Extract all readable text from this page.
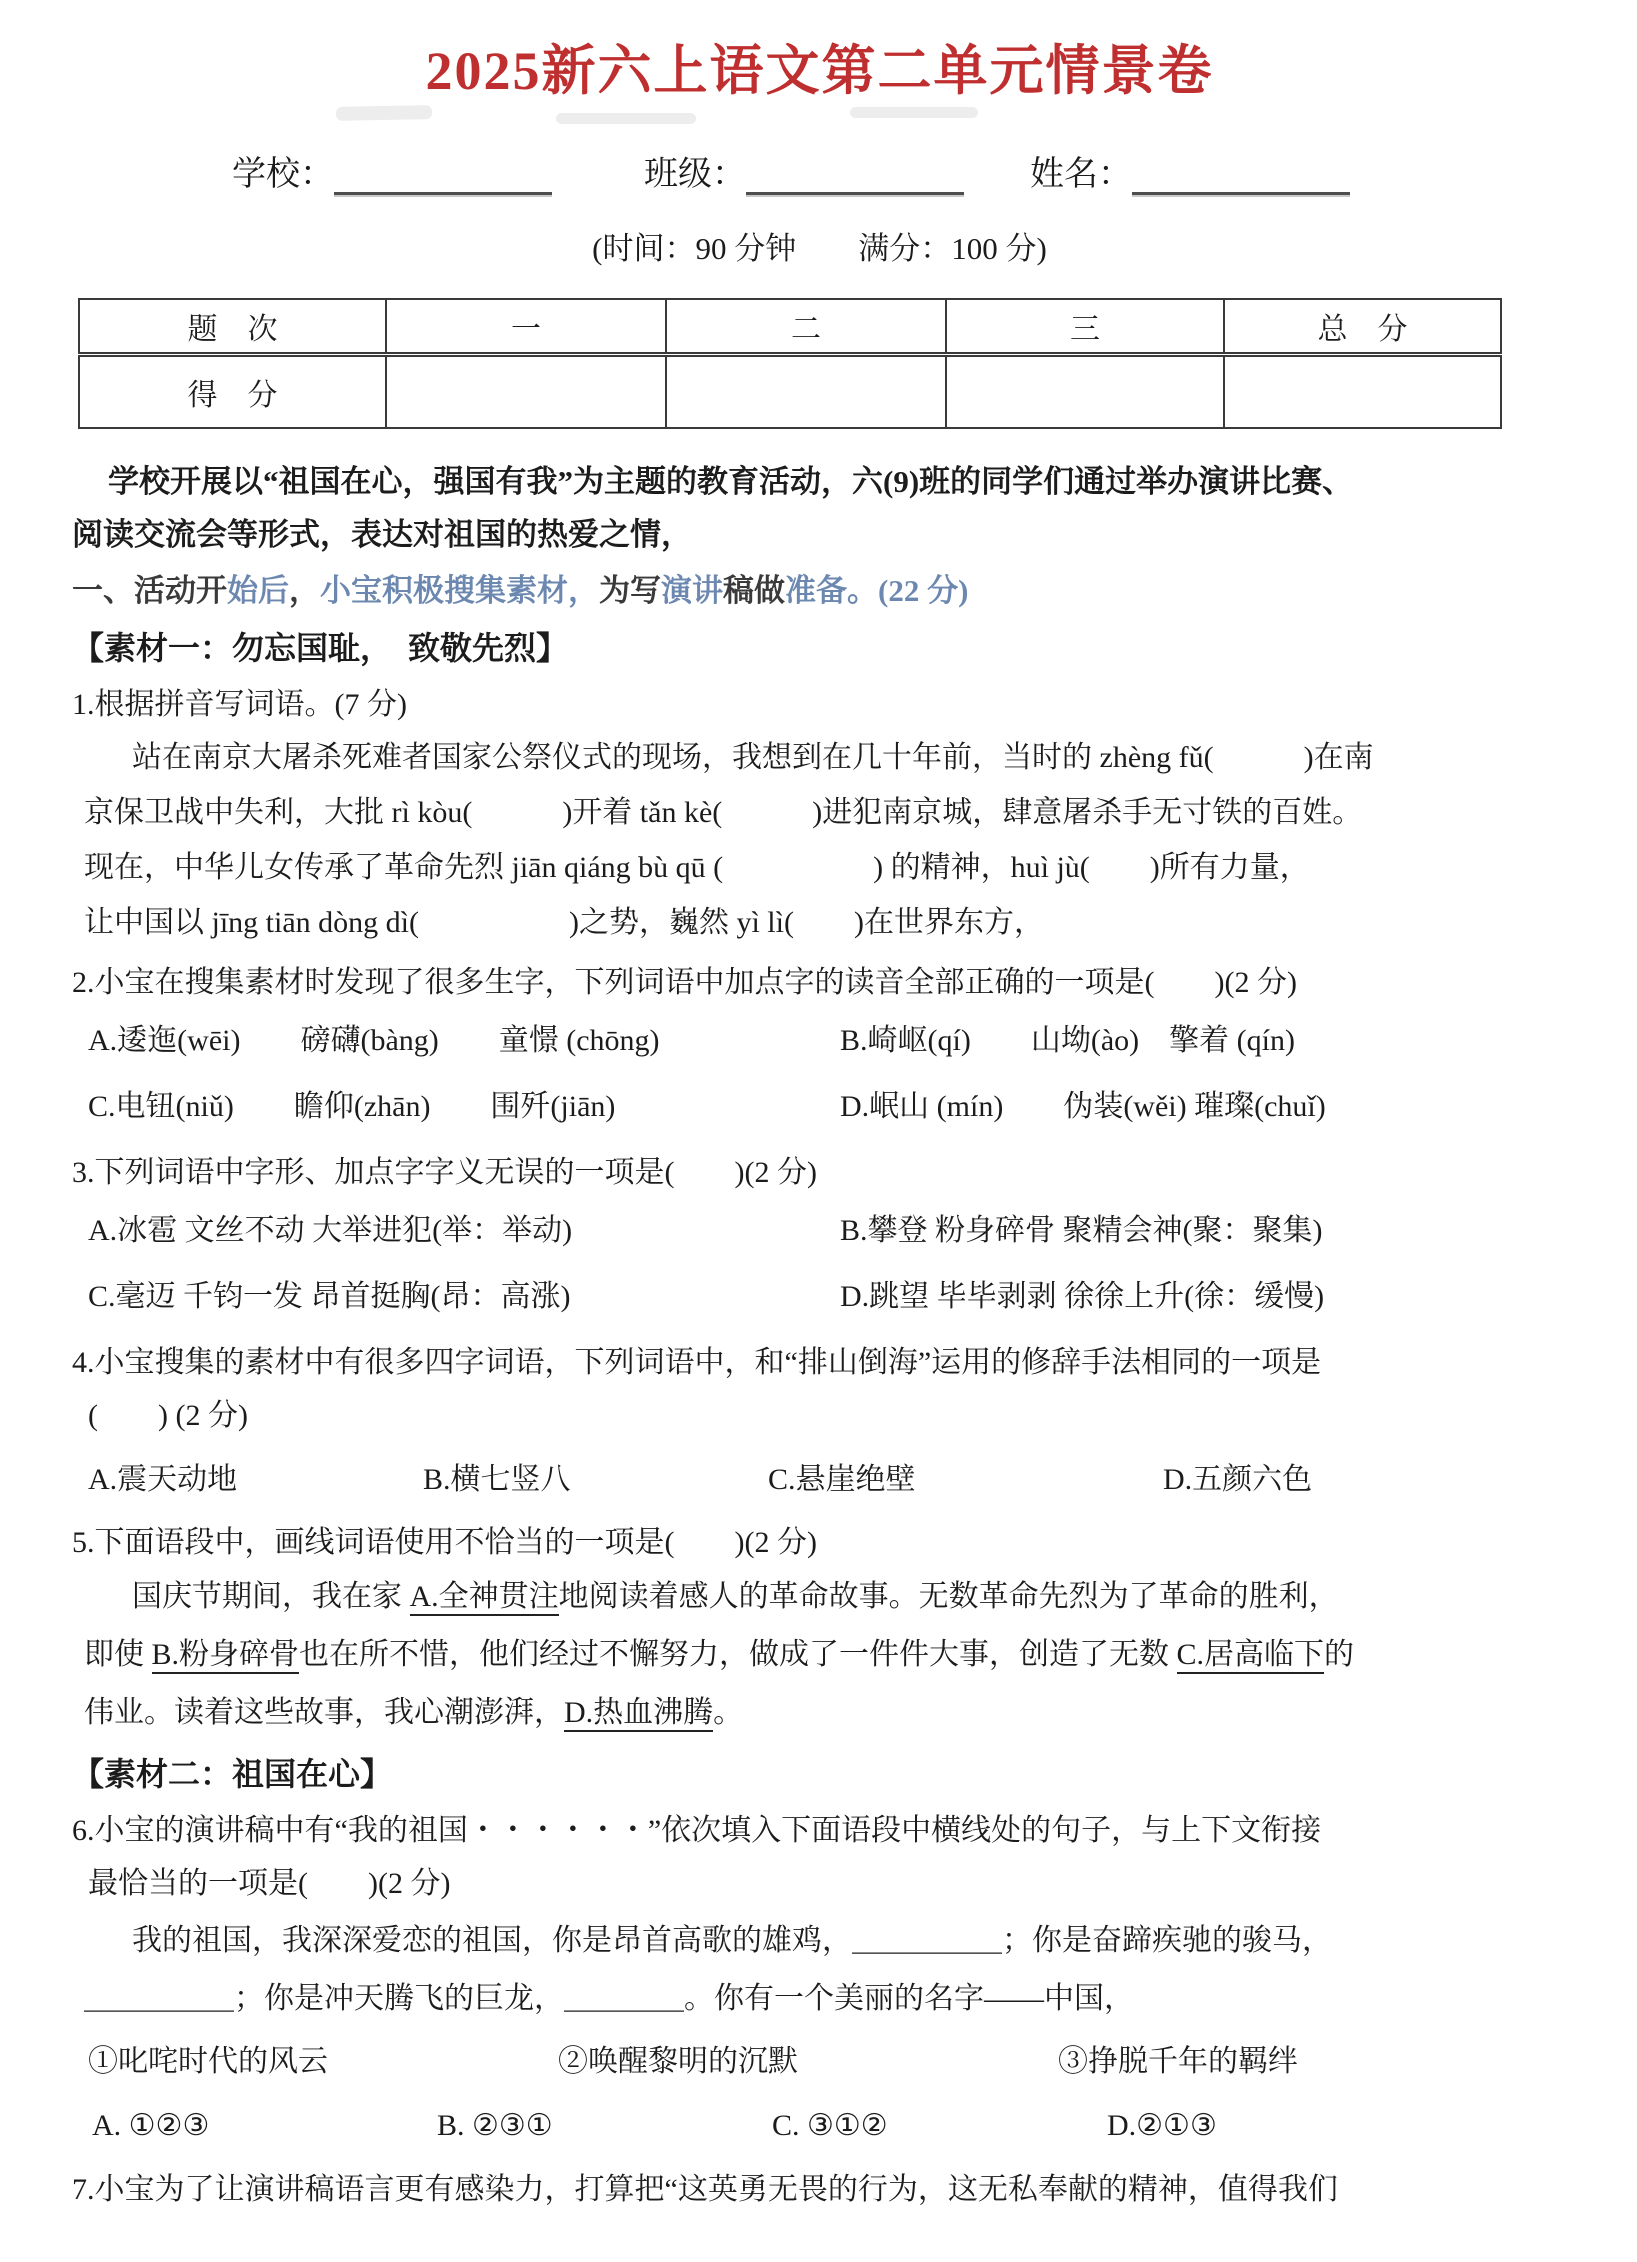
2025新六上语文第二单元情景卷
学校：	班级：	姓名：
(时间：90 分钟　　满分：100 分)
题　次	一	二	三	总　分
得　分				
学校开展以“祖国在心，强国有我”为主题的教育活动，六(9)班的同学们通过举办演讲比赛、
阅读交流会等形式，表达对祖国的热爱之情，
一、活动开始后，小宝积极搜集素材，为写演讲稿做准备。(22 分)
【素材一：勿忘国耻，　致敬先烈】
1.根据拼音写词语。(7 分)
站在南京大屠杀死难者国家公祭仪式的现场，我想到在几十年前，当时的 zhèng fǔ(　　　)在南
京保卫战中失利，大批 rì kòu(　　　)开着 tǎn kè(　　　)进犯南京城，肆意屠杀手无寸铁的百姓。
现在，中华儿女传承了革命先烈 jiān qiáng bù qū (　　　　　) 的精神，huì jù(　　)所有力量，
让中国以 jīng tiān dòng dì(　　　　　)之势，巍然 yì lì(　　)在世界东方，
2.小宝在搜集素材时发现了很多生字，下列词语中加点字的读音全部正确的一项是(　　)(2 分)
A.逶迤(wēi)　　磅礴(bàng)　　童憬 (chōng)	B.崎岖(qí)　　山坳(ào)　擎着 (qín)
C.电钮(niǔ)　　瞻仰(zhān)　　围歼(jiān)	D.岷山 (mín)　　伪装(wěi) 璀璨(chuǐ)
3.下列词语中字形、加点字字义无误的一项是(　　)(2 分)
A.冰雹 文丝不动 大举进犯(举：举动)	B.攀登 粉身碎骨 聚精会神(聚：聚集)
C.毫迈 千钧一发 昂首挺胸(昂：高涨)	D.跳望 毕毕剥剥 徐徐上升(徐：缓慢)
4.小宝搜集的素材中有很多四字词语，下列词语中，和“排山倒海”运用的修辞手法相同的一项是
(　　) (2 分)
A.震天动地	B.横七竖八	C.悬崖绝壁	D.五颜六色
5.下面语段中，画线词语使用不恰当的一项是(　　)(2 分)
国庆节期间，我在家 A.全神贯注地阅读着感人的革命故事。无数革命先烈为了革命的胜利，
即使 B.粉身碎骨也在所不惜，他们经过不懈努力，做成了一件件大事，创造了无数 C.居高临下的
伟业。读着这些故事，我心潮澎湃，D.热血沸腾。
【素材二：祖国在心】
6.小宝的演讲稿中有“我的祖国・・・・・・”依次填入下面语段中横线处的句子，与上下文衔接
最恰当的一项是(　　)(2 分)
我的祖国，我深深爱恋的祖国，你是昂首高歌的雄鸡，＿＿＿＿＿；你是奋蹄疾驰的骏马，
＿＿＿＿＿；你是冲天腾飞的巨龙，＿＿＿＿。你有一个美丽的名字——中国，
①叱咤时代的风云	②唤醒黎明的沉默	③挣脱千年的羁绊
A. ①②③	B. ②③①	C. ③①②	D.②①③
7.小宝为了让演讲稿语言更有感染力，打算把“这英勇无畏的行为，这无私奉献的精神，值得我们
